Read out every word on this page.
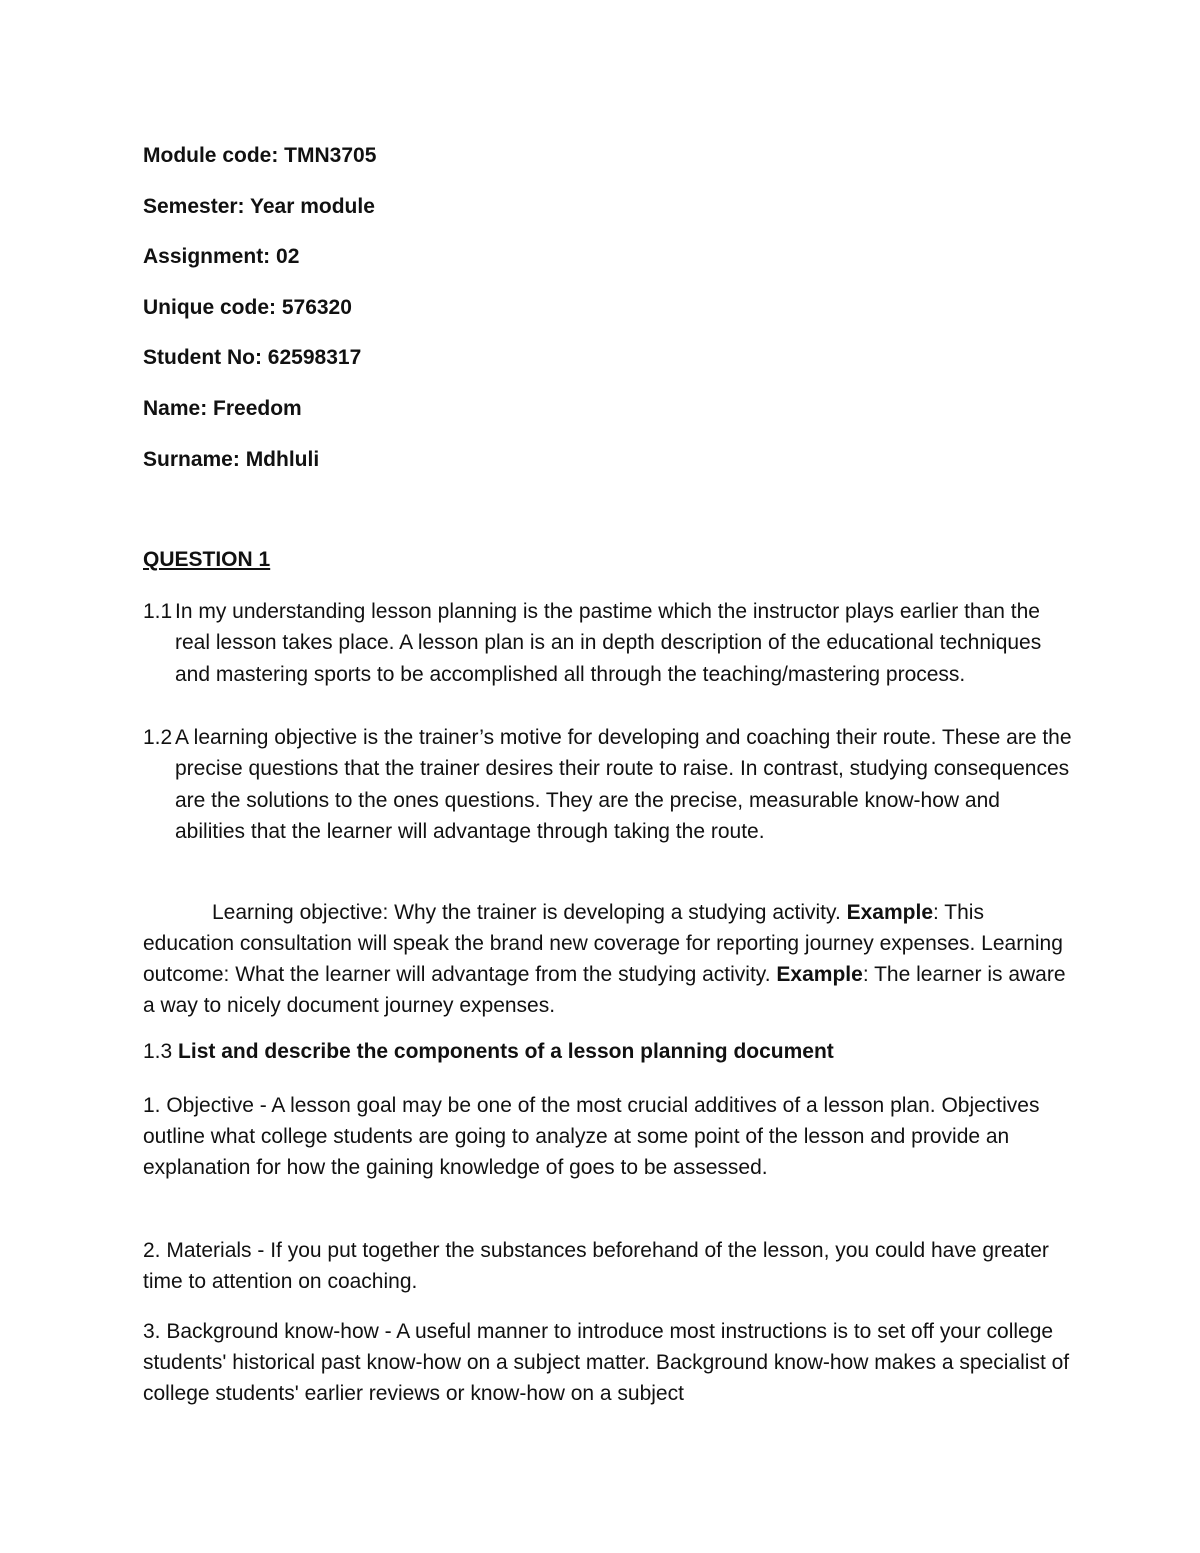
Module code: TMN3705
Semester: Year module
Assignment: 02
Unique code: 576320
Student No: 62598317
Name: Freedom
Surname: Mdhluli
QUESTION 1
1.1 In my understanding lesson planning is the pastime which the instructor plays earlier than the real lesson takes place. A lesson plan is an in depth description of the educational techniques and mastering sports to be accomplished all through the teaching/mastering process.
1.2 A learning objective is the trainer’s motive for developing and coaching their route. These are the precise questions that the trainer desires their route to raise. In contrast, studying consequences are the solutions to the ones questions. They are the precise, measurable know-how and abilities that the learner will advantage through taking the route.

Learning objective: Why the trainer is developing a studying activity. Example: This education consultation will speak the brand new coverage for reporting journey expenses. Learning outcome: What the learner will advantage from the studying activity. Example: The learner is aware a way to nicely document journey expenses.

1.3 List and describe the components of a lesson planning document

1. Objective - A lesson goal may be one of the most crucial additives of a lesson plan. Objectives outline what college students are going to analyze at some point of the lesson and provide an explanation for how the gaining knowledge of goes to be assessed.

2. Materials - If you put together the substances beforehand of the lesson, you could have greater time to attention on coaching.

3. Background know-how - A useful manner to introduce most instructions is to set off your college students' historical past know-how on a subject matter. Background know-how makes a specialist of college students' earlier reviews or know-how on a subject
